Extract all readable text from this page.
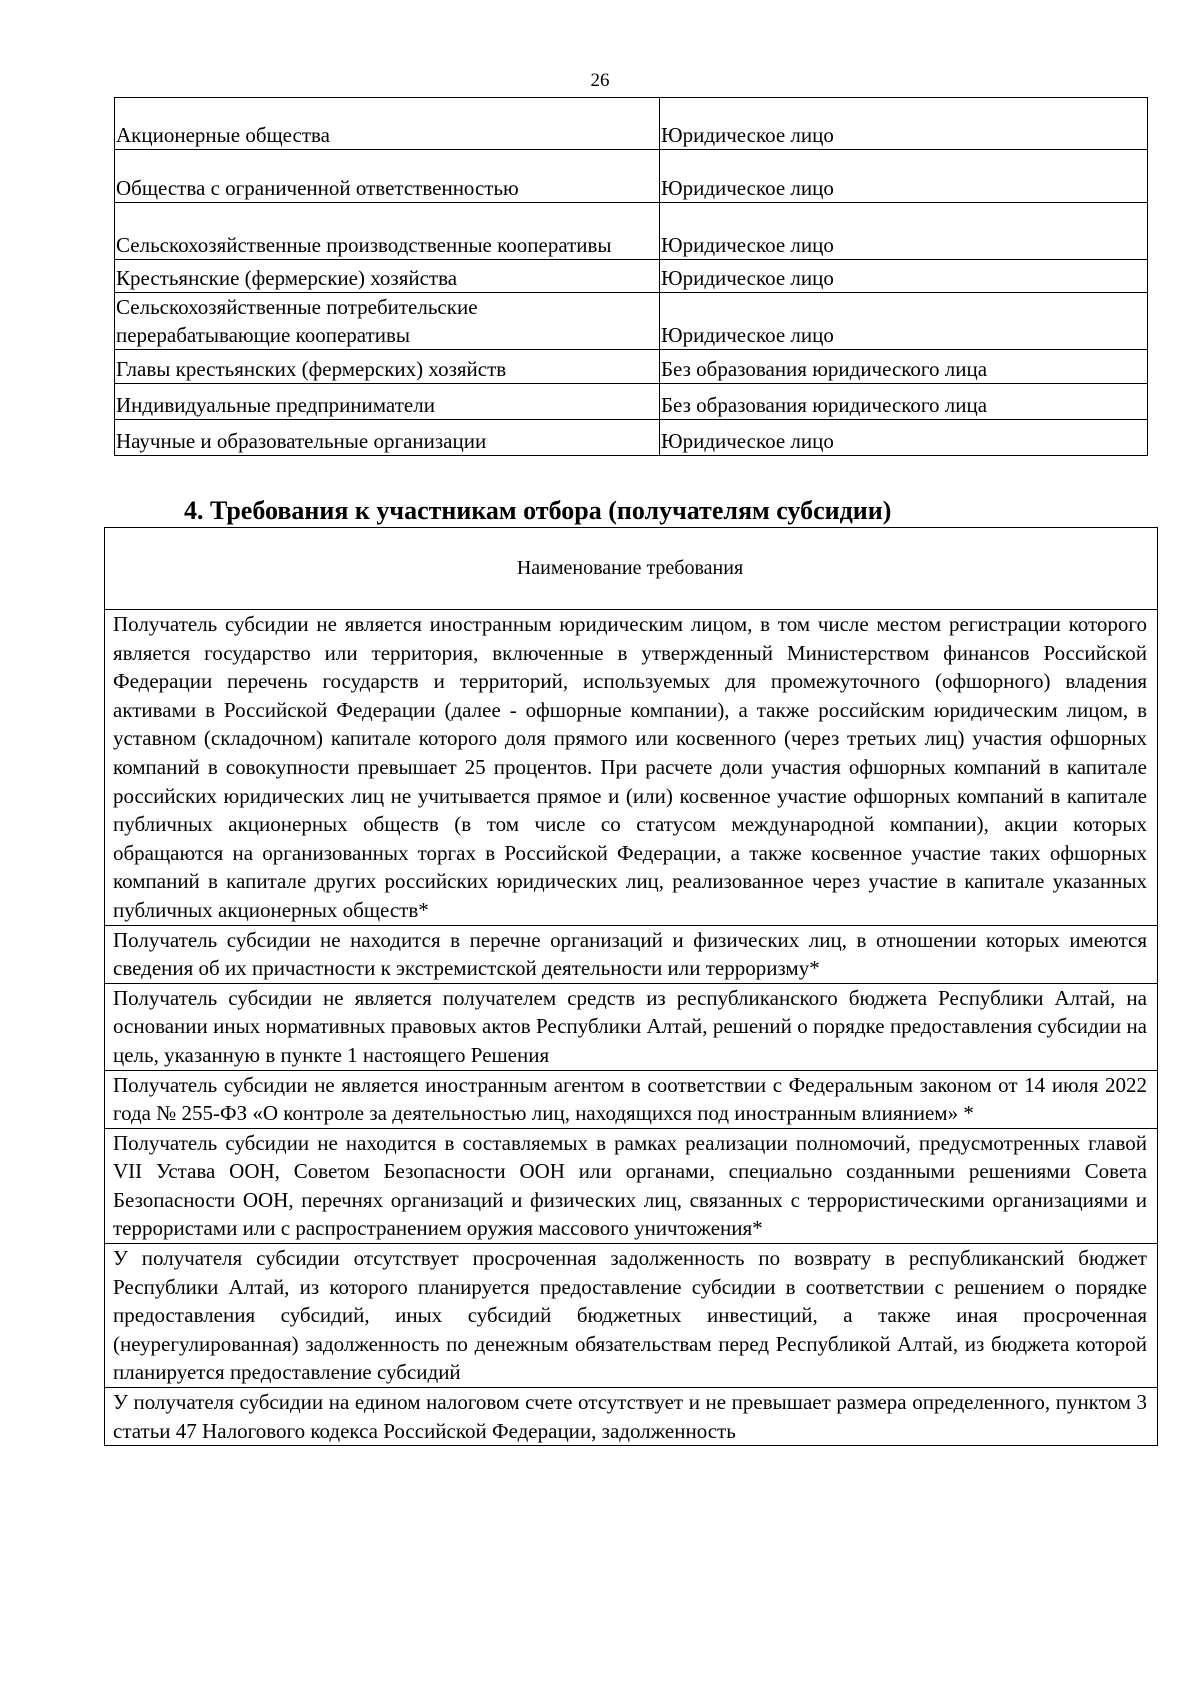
26
Акционерные общества	Юридическое лицо
Общества с ограниченной ответственностью	Юридическое лицо
Сельскохозяйственные производственные кооперативы	Юридическое лицо
Крестьянские (фермерские) хозяйства	Юридическое лицо
Сельскохозяйственные потребительские перерабатывающие кооперативы	Юридическое лицо
Главы крестьянских (фермерских) хозяйств	Без образования юридического лица
Индивидуальные предприниматели	Без образования юридического лица
Научные и образовательные организации	Юридическое лицо
4. Требования к участникам отбора (получателям субсидии)
Наименование требования
Получатель субсидии не является иностранным юридическим лицом, в том числе местом регистрации которого является государство или территория, включенные в утвержденный Министерством финансов Российской Федерации перечень государств и территорий, используемых для промежуточного (офшорного) владения активами в Российской Федерации (далее - офшорные компании), а также российским юридическим лицом, в уставном (складочном) капитале которого доля прямого или косвенного (через третьих лиц) участия офшорных компаний в совокупности превышает 25 процентов. При расчете доли участия офшорных компаний в капитале российских юридических лиц не учитывается прямое и (или) косвенное участие офшорных компаний в капитале публичных акционерных обществ (в том числе со статусом международной компании), акции которых обращаются на организованных торгах в Российской Федерации, а также косвенное участие таких офшорных компаний в капитале других российских юридических лиц, реализованное через участие в капитале указанных публичных акционерных обществ*
Получатель субсидии не находится в перечне организаций и физических лиц, в отношении которых имеются сведения об их причастности к экстремистской деятельности или терроризму*
Получатель субсидии не является получателем средств из республиканского бюджета Республики Алтай, на основании иных нормативных правовых актов Республики Алтай, решений о порядке предоставления субсидии на цель, указанную в пункте 1 настоящего Решения
Получатель субсидии не является иностранным агентом в соответствии с Федеральным законом от 14 июля 2022 года № 255-ФЗ «О контроле за деятельностью лиц, находящихся под иностранным влиянием» *
Получатель субсидии не находится в составляемых в рамках реализации полномочий, предусмотренных главой VII Устава ООН, Советом Безопасности ООН или органами, специально созданными решениями Совета Безопасности ООН, перечнях организаций и физических лиц, связанных с террористическими организациями и террористами или с распространением оружия массового уничтожения*
У получателя субсидии отсутствует просроченная задолженность по возврату в республиканский бюджет Республики Алтай, из которого планируется предоставление субсидии в соответствии с решением о порядке предоставления субсидий, иных субсидий бюджетных инвестиций, а также иная просроченная (неурегулированная) задолженность по денежным обязательствам перед Республикой Алтай, из бюджета которой планируется предоставление субсидий
У получателя субсидии на едином налоговом счете отсутствует и не превышает размера определенного, пунктом 3 статьи 47 Налогового кодекса Российской Федерации, задолженность
